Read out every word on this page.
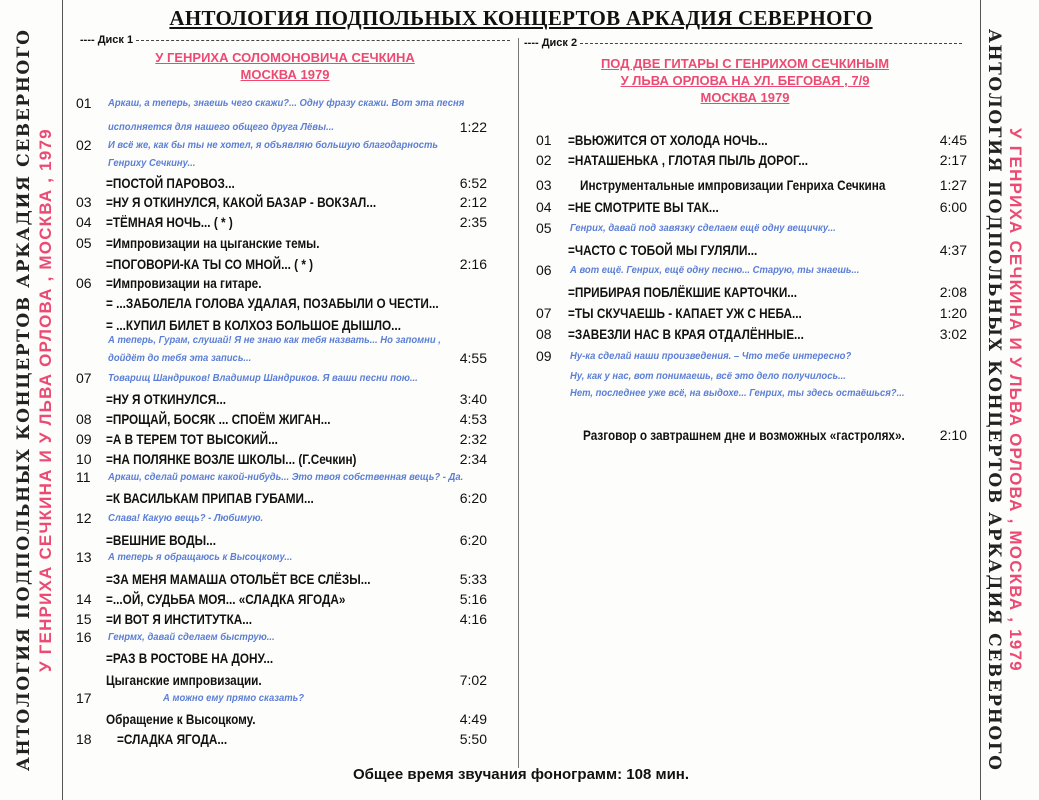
АНТОЛОГИЯ ПОДПОЛЬНЫХ КОНЦЕРТОВ АРКАДИЯ СЕВЕРНОГО У ГЕНРИХА СЕЧКИНА И У ЛЬВА ОРЛОВА , МОСКВА , 1979	АНТОЛОГИЯ ПОДПОЛЬНЫХ КОНЦЕРТОВ АРКАДИЯ СЕВЕРНОГО У ГЕНРИХА СЕЧКИНА И У ЛЬВА ОРЛОВА , МОСКВА , 1979
АНТОЛОГИЯ ПОДПОЛЬНЫХ КОНЦЕРТОВ АРКАДИЯ СЕВЕРНОГО
---- Диск 1
У ГЕНРИХА СОЛОМОНОВИЧА СЕЧКИНА
МОСКВА 1979
---- Диск 2
ПОД ДВЕ ГИТАРЫ С ГЕНРИХОМ СЕЧКИНЫМ
У ЛЬВА ОРЛОВА НА УЛ. БЕГОВАЯ , 7/9
МОСКВА 1979
01 Аркаш, а теперь, знаешь чего скажи?... Одну фразу скажи. Вот эта песня
исполняется для нашего общего друга Лёвы...	1:22
02 И всё же, как бы ты не хотел, я объявляю большую благодарность
Генриху Сечкину...
=ПОСТОЙ ПАРОВОЗ...	6:52
03 =НУ Я ОТКИНУЛСЯ, КАКОЙ БАЗАР - ВОКЗАЛ...	2:12
04 =ТЁМНАЯ НОЧЬ... ( * )	2:35
05 =Импровизации на цыганские темы.
=ПОГОВОРИ-КА ТЫ СО МНОЙ... ( * )	2:16
06 =Импровизации на гитаре.
= ...ЗАБОЛЕЛА ГОЛОВА УДАЛАЯ, ПОЗАБЫЛИ О ЧЕСТИ...
= ...КУПИЛ БИЛЕТ В КОЛХОЗ БОЛЬШОЕ ДЫШЛО...
А теперь, Гурам, слушай! Я не знаю как тебя назвать... Но запомни ,
дойдёт до тебя эта запись...	4:55
07 Товарищ Шандриков! Владимир Шандриков. Я ваши песни пою...
=НУ Я ОТКИНУЛСЯ...	3:40
08 =ПРОЩАЙ, БОСЯК ... СПОЁМ ЖИГАН...	4:53
09 =А В ТЕРЕМ ТОТ ВЫСОКИЙ...	2:32
10 =НА ПОЛЯНКЕ ВОЗЛЕ ШКОЛЫ... (Г.Сечкин)	2:34
11 Аркаш, сделай романс какой-нибудь... Это твоя собственная вещь? - Да.
=К ВАСИЛЬКАМ ПРИПАВ ГУБАМИ...	6:20
12 Слава! Какую вещь? - Любимую.
=ВЕШНИЕ ВОДЫ...	6:20
13 А теперь я обращаюсь к Высоцкому...
=ЗА МЕНЯ МАМАША ОТОЛЬЁТ ВСЕ СЛЁЗЫ...	5:33
14 =...ОЙ, СУДЬБА МОЯ... «СЛАДКА ЯГОДА»	5:16
15 =И ВОТ Я ИНСТИТУТКА...	4:16
16 Генрмх, давай сделаем быструю...
=РАЗ В РОСТОВЕ НА ДОНУ...
Цыганские импровизации.	7:02
17	А можно ему прямо сказать?
Обращение к Высоцкому.	4:49
18 =СЛАДКА ЯГОДА...	5:50
01 =ВЬЮЖИТСЯ ОТ ХОЛОДА НОЧЬ...	4:45
02 =НАТАШЕНЬКА , ГЛОТАЯ ПЫЛЬ ДОРОГ...	2:17
03 Инструментальные импровизации Генриха Сечкина	1:27
04 =НЕ СМОТРИТЕ ВЫ ТАК...	6:00
05 Генрих, давай под завязку сделаем ещё одну вещичку...
=ЧАСТО С ТОБОЙ МЫ ГУЛЯЛИ...	4:37
06 А вот ещё. Генрих, ещё одну песню... Старую, ты знаешь...
=ПРИБИРАЯ ПОБЛЁКШИЕ КАРТОЧКИ...	2:08
07 =ТЫ СКУЧАЕШЬ - КАПАЕТ УЖ С НЕБА...	1:20
08 =ЗАВЕЗЛИ НАС В КРАЯ ОТДАЛЁННЫЕ...	3:02
09 Ну-ка сделай наши произведения. – Что тебе интересно?
Ну, как у нас, вот понимаешь, всё это дело получилось...
Нет, последнее уже всё, на выдохе... Генрих, ты здесь остаёшься?...
Разговор о завтрашнем дне и возможных «гастролях».	2:10
Общее время звучания фонограмм: 108 мин.
